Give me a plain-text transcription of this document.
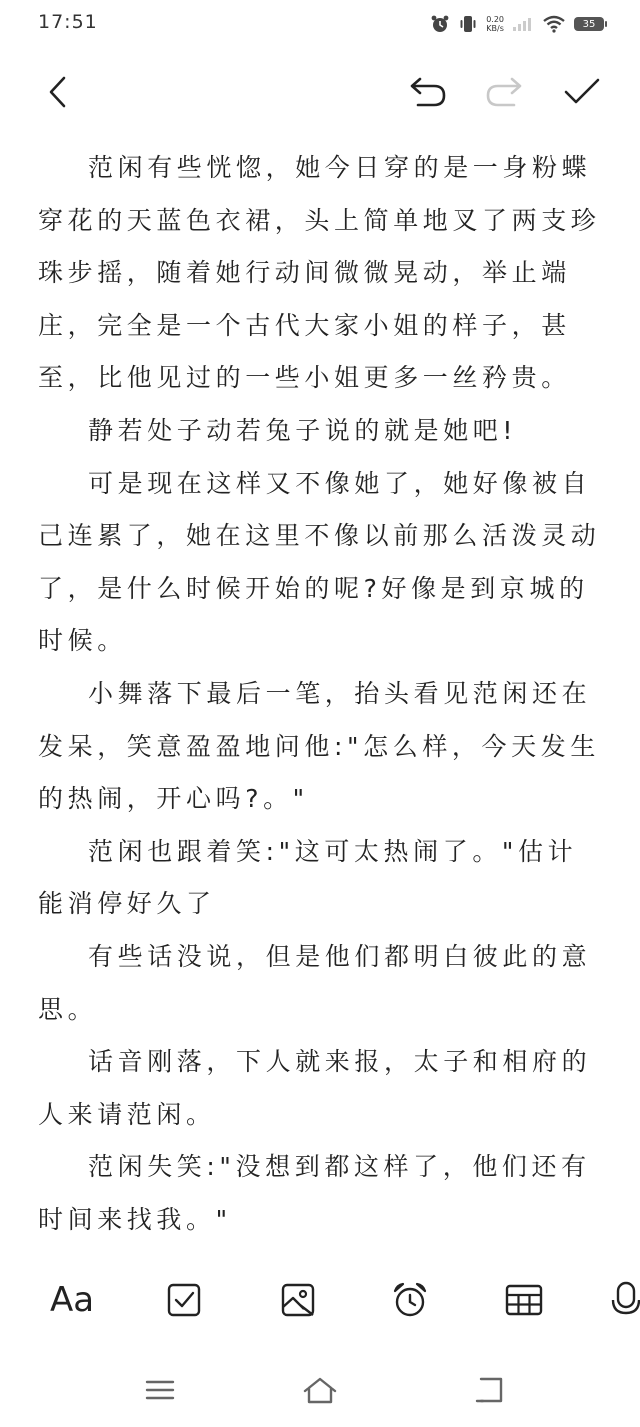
17:51	0.20
KB/s	35

范闲有些恍惚，她今日穿的是一身粉蝶穿花的天蓝色衣裙，头上简单地叉了两支珍珠步摇，随着她行动间微微晃动，举止端庄，完全是一个古代大家小姐的样子，甚至，比他见过的一些小姐更多一丝矜贵。

静若处子动若兔子说的就是她吧!

可是现在这样又不像她了，她好像被自己连累了，她在这里不像以前那么活泼灵动了，是什么时候开始的呢?好像是到京城的时候。

小舞落下最后一笔，抬头看见范闲还在发呆，笑意盈盈地问他:"怎么样，今天发生的热闹，开心吗?。"

范闲也跟着笑:"这可太热闹了。"估计能消停好久了

有些话没说，但是他们都明白彼此的意思。

话音刚落，下人就来报，太子和相府的人来请范闲。

范闲失笑:"没想到都这样了，他们还有时间来找我。"

Aa
